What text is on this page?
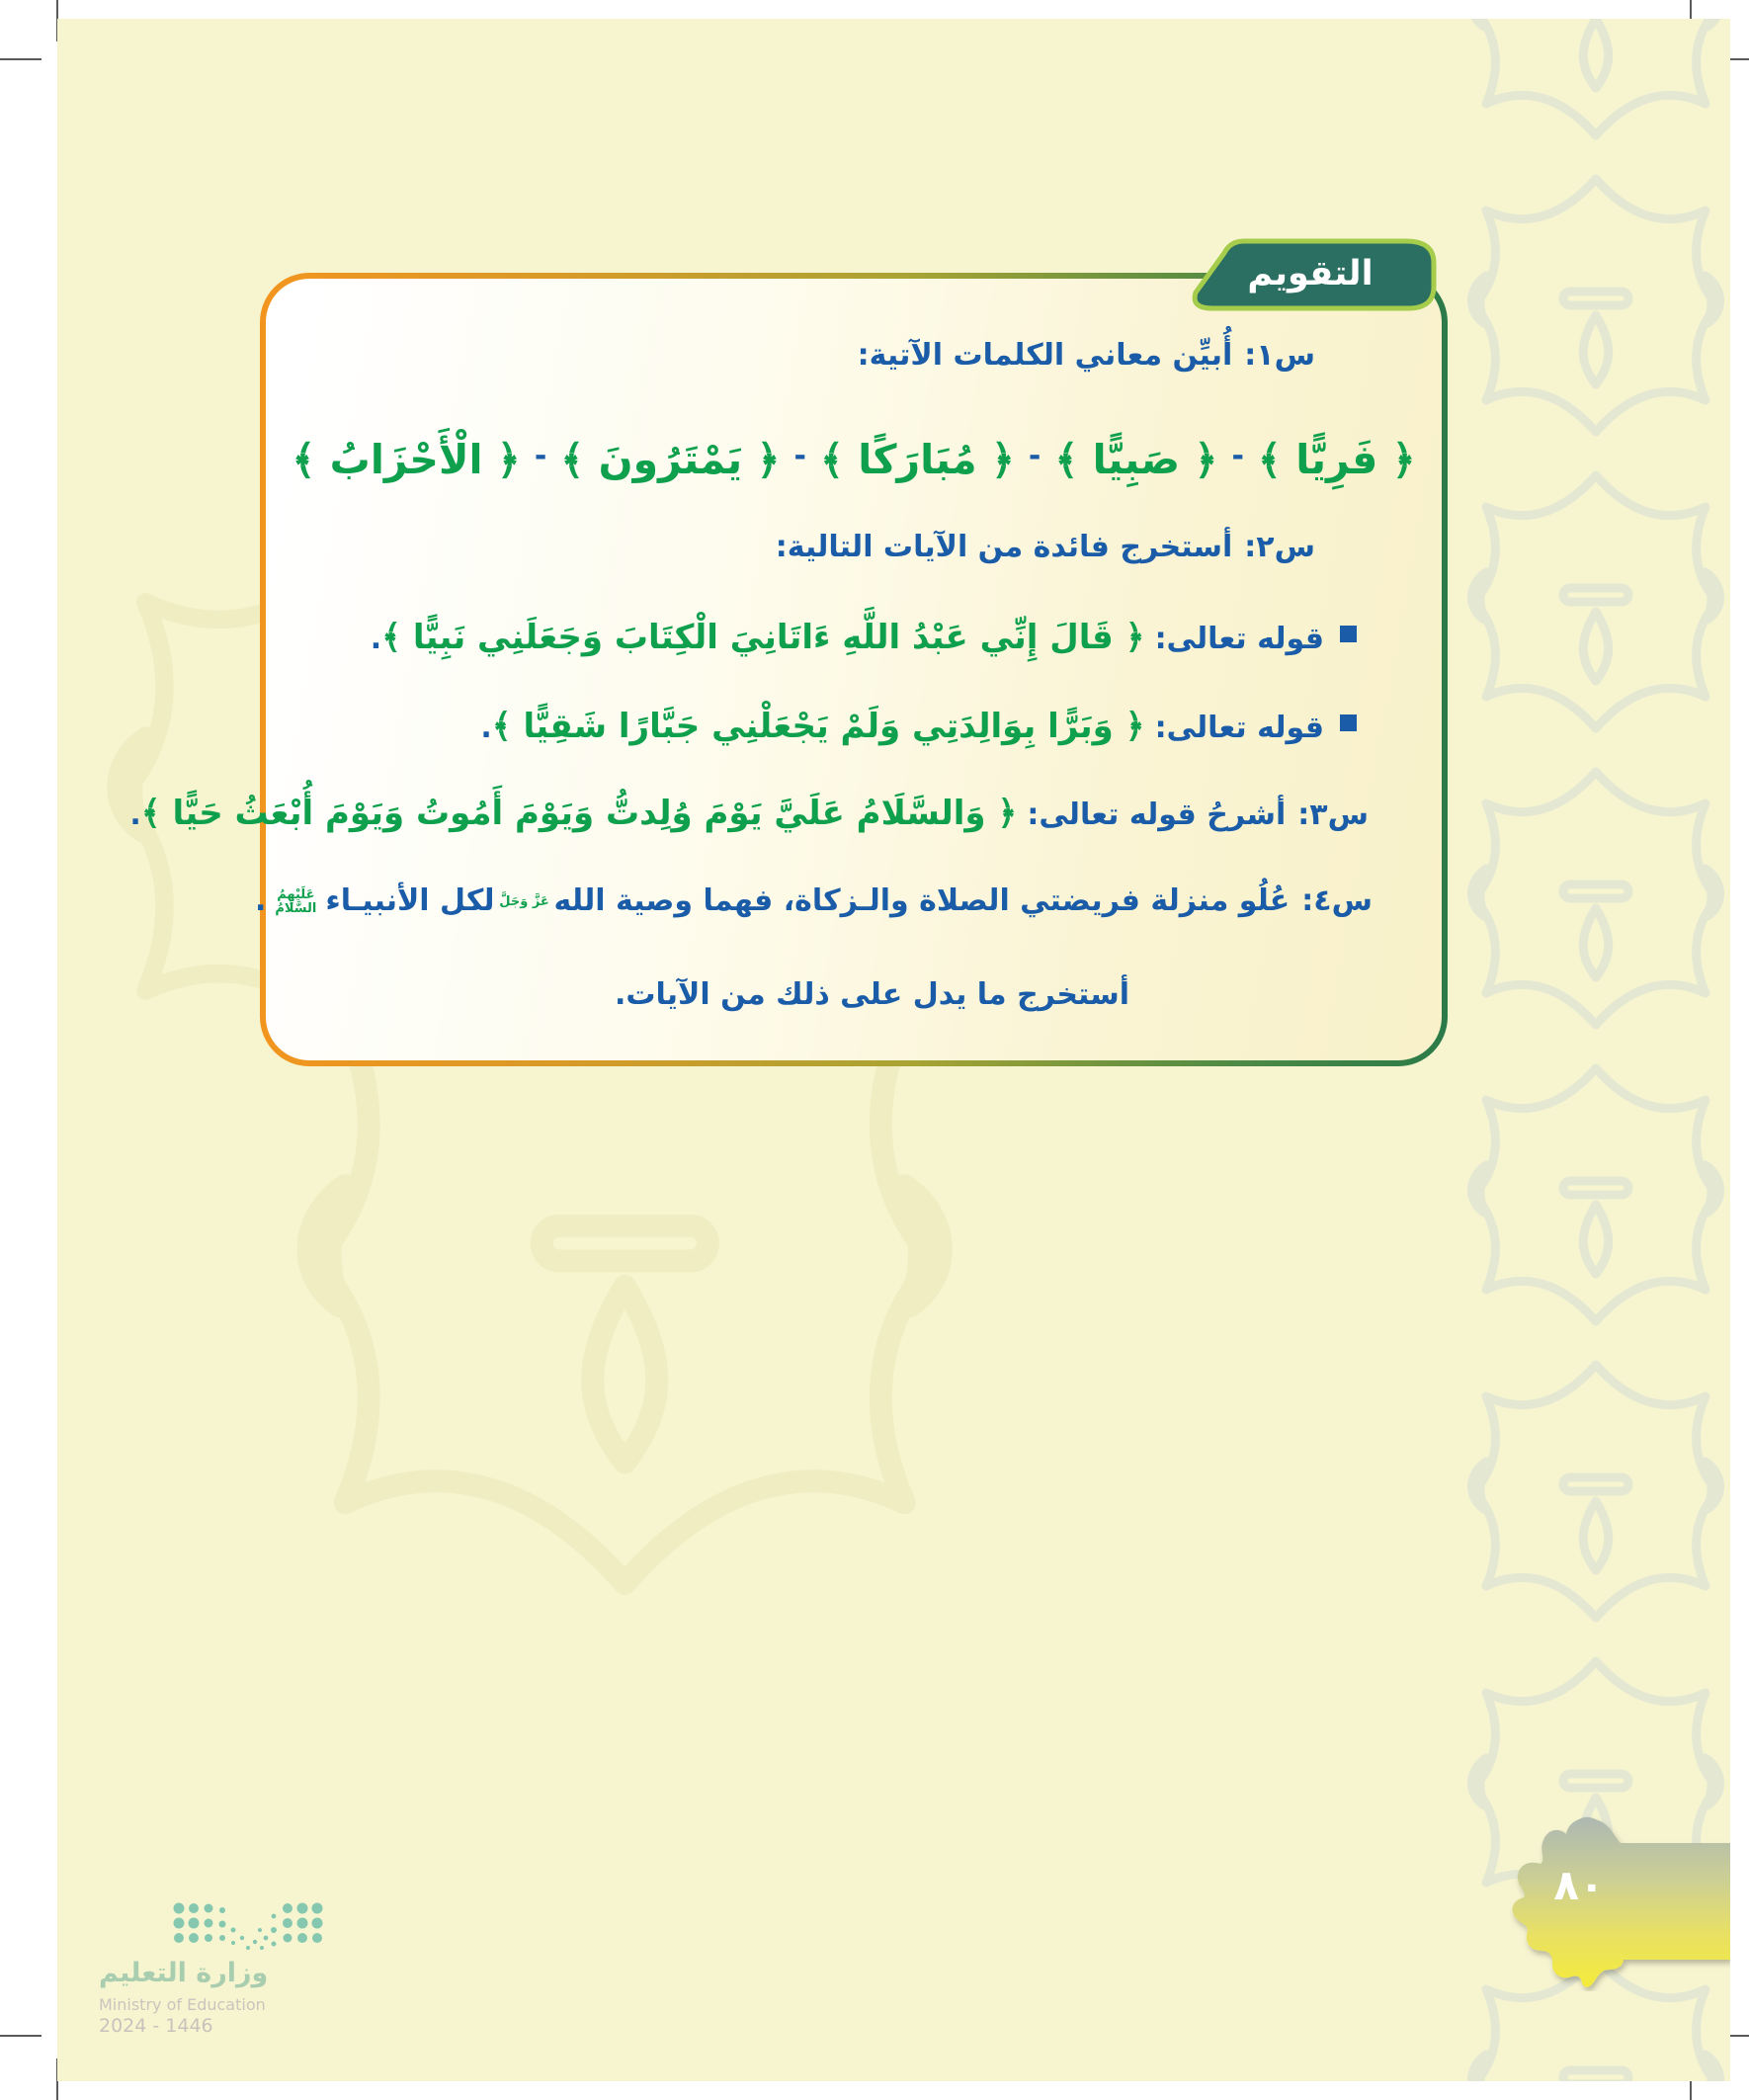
س١:أُبيِّن معاني الكلمات الآتية:
﴿ فَرِيًّا ﴾-﴿ صَبِيًّا ﴾-﴿ مُبَارَكًا ﴾-﴿ يَمْتَرُونَ ﴾-﴿ الْأَحْزَابُ ﴾
س٢:أستخرج فائدة من الآيات التالية:
قوله تعالى:﴿ قَالَ إِنِّي عَبْدُ اللَّهِ ءَاتَانِيَ الْكِتَابَ وَجَعَلَنِي نَبِيًّا ﴾.
قوله تعالى:﴿ وَبَرًّا بِوَالِدَتِي وَلَمْ يَجْعَلْنِي جَبَّارًا شَقِيًّا ﴾.
س٣:أشرحُ قوله تعالى:﴿ وَالسَّلَامُ عَلَيَّ يَوْمَ وُلِدتُّ وَيَوْمَ أَمُوتُ وَيَوْمَ أُبْعَثُ حَيًّا ﴾.
س٤:عُلُو منزلة فريضتي الصلاة والـزكاة، فهما وصية اللهعَزَّ وَجَلَّلكل الأنبيـاءعَلَيْهِمُ السَّلَامُ.
أستخرج ما يدل على ذلك من الآيات.
التقويم
وزارة التعليم
Ministry of Education
2024 - 1446
٨٠
